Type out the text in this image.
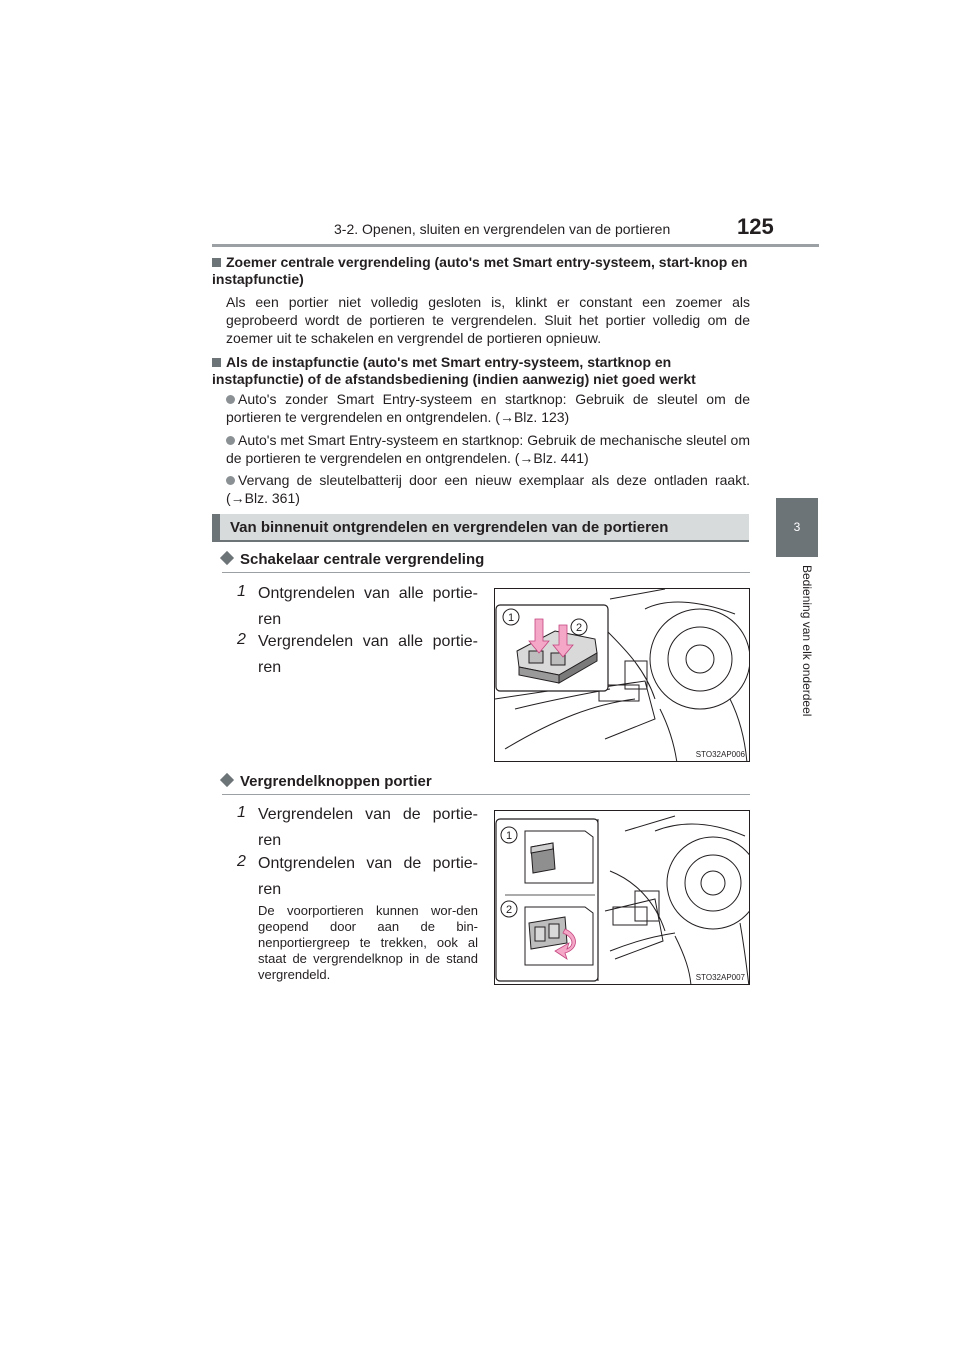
3-2. Openen, sluiten en vergrendelen van de portieren	125
3
Bediening van elk onderdeel
Zoemer centrale vergrendeling (auto's met Smart entry-systeem, start-knop en instapfunctie)
Als een portier niet volledig gesloten is, klinkt er constant een zoemer als geprobeerd wordt de portieren te vergrendelen. Sluit het portier volledig om de zoemer uit te schakelen en vergrendel de portieren opnieuw.
Als de instapfunctie (auto's met Smart entry-systeem, startknop en instapfunctie) of de afstandsbediening (indien aanwezig) niet goed werkt
Auto's zonder Smart Entry-systeem en startknop: Gebruik de sleutel om de portieren te vergrendelen en ontgrendelen. (→Blz. 123)
Auto's met Smart Entry-systeem en startknop: Gebruik de mechanische sleutel om de portieren te vergrendelen en ontgrendelen. (→Blz. 441)
Vervang de sleutelbatterij door een nieuw exemplaar als deze ontladen raakt. (→Blz. 361)
Van binnenuit ontgrendelen en vergrendelen van de portieren
Schakelaar centrale vergrendeling
1 Ontgrendelen van alle portie-ren
2 Vergrendelen van alle portie-ren
1
2
STO32AP006
Vergrendelknoppen portier
1 Vergrendelen van de portie-ren
2 Ontgrendelen van de portie-ren
De voorportieren kunnen wor-den geopend door aan de bin-nenportiergreep te trekken, ook al staat de vergrendelknop in de stand vergrendeld.
1
2
STO32AP007
